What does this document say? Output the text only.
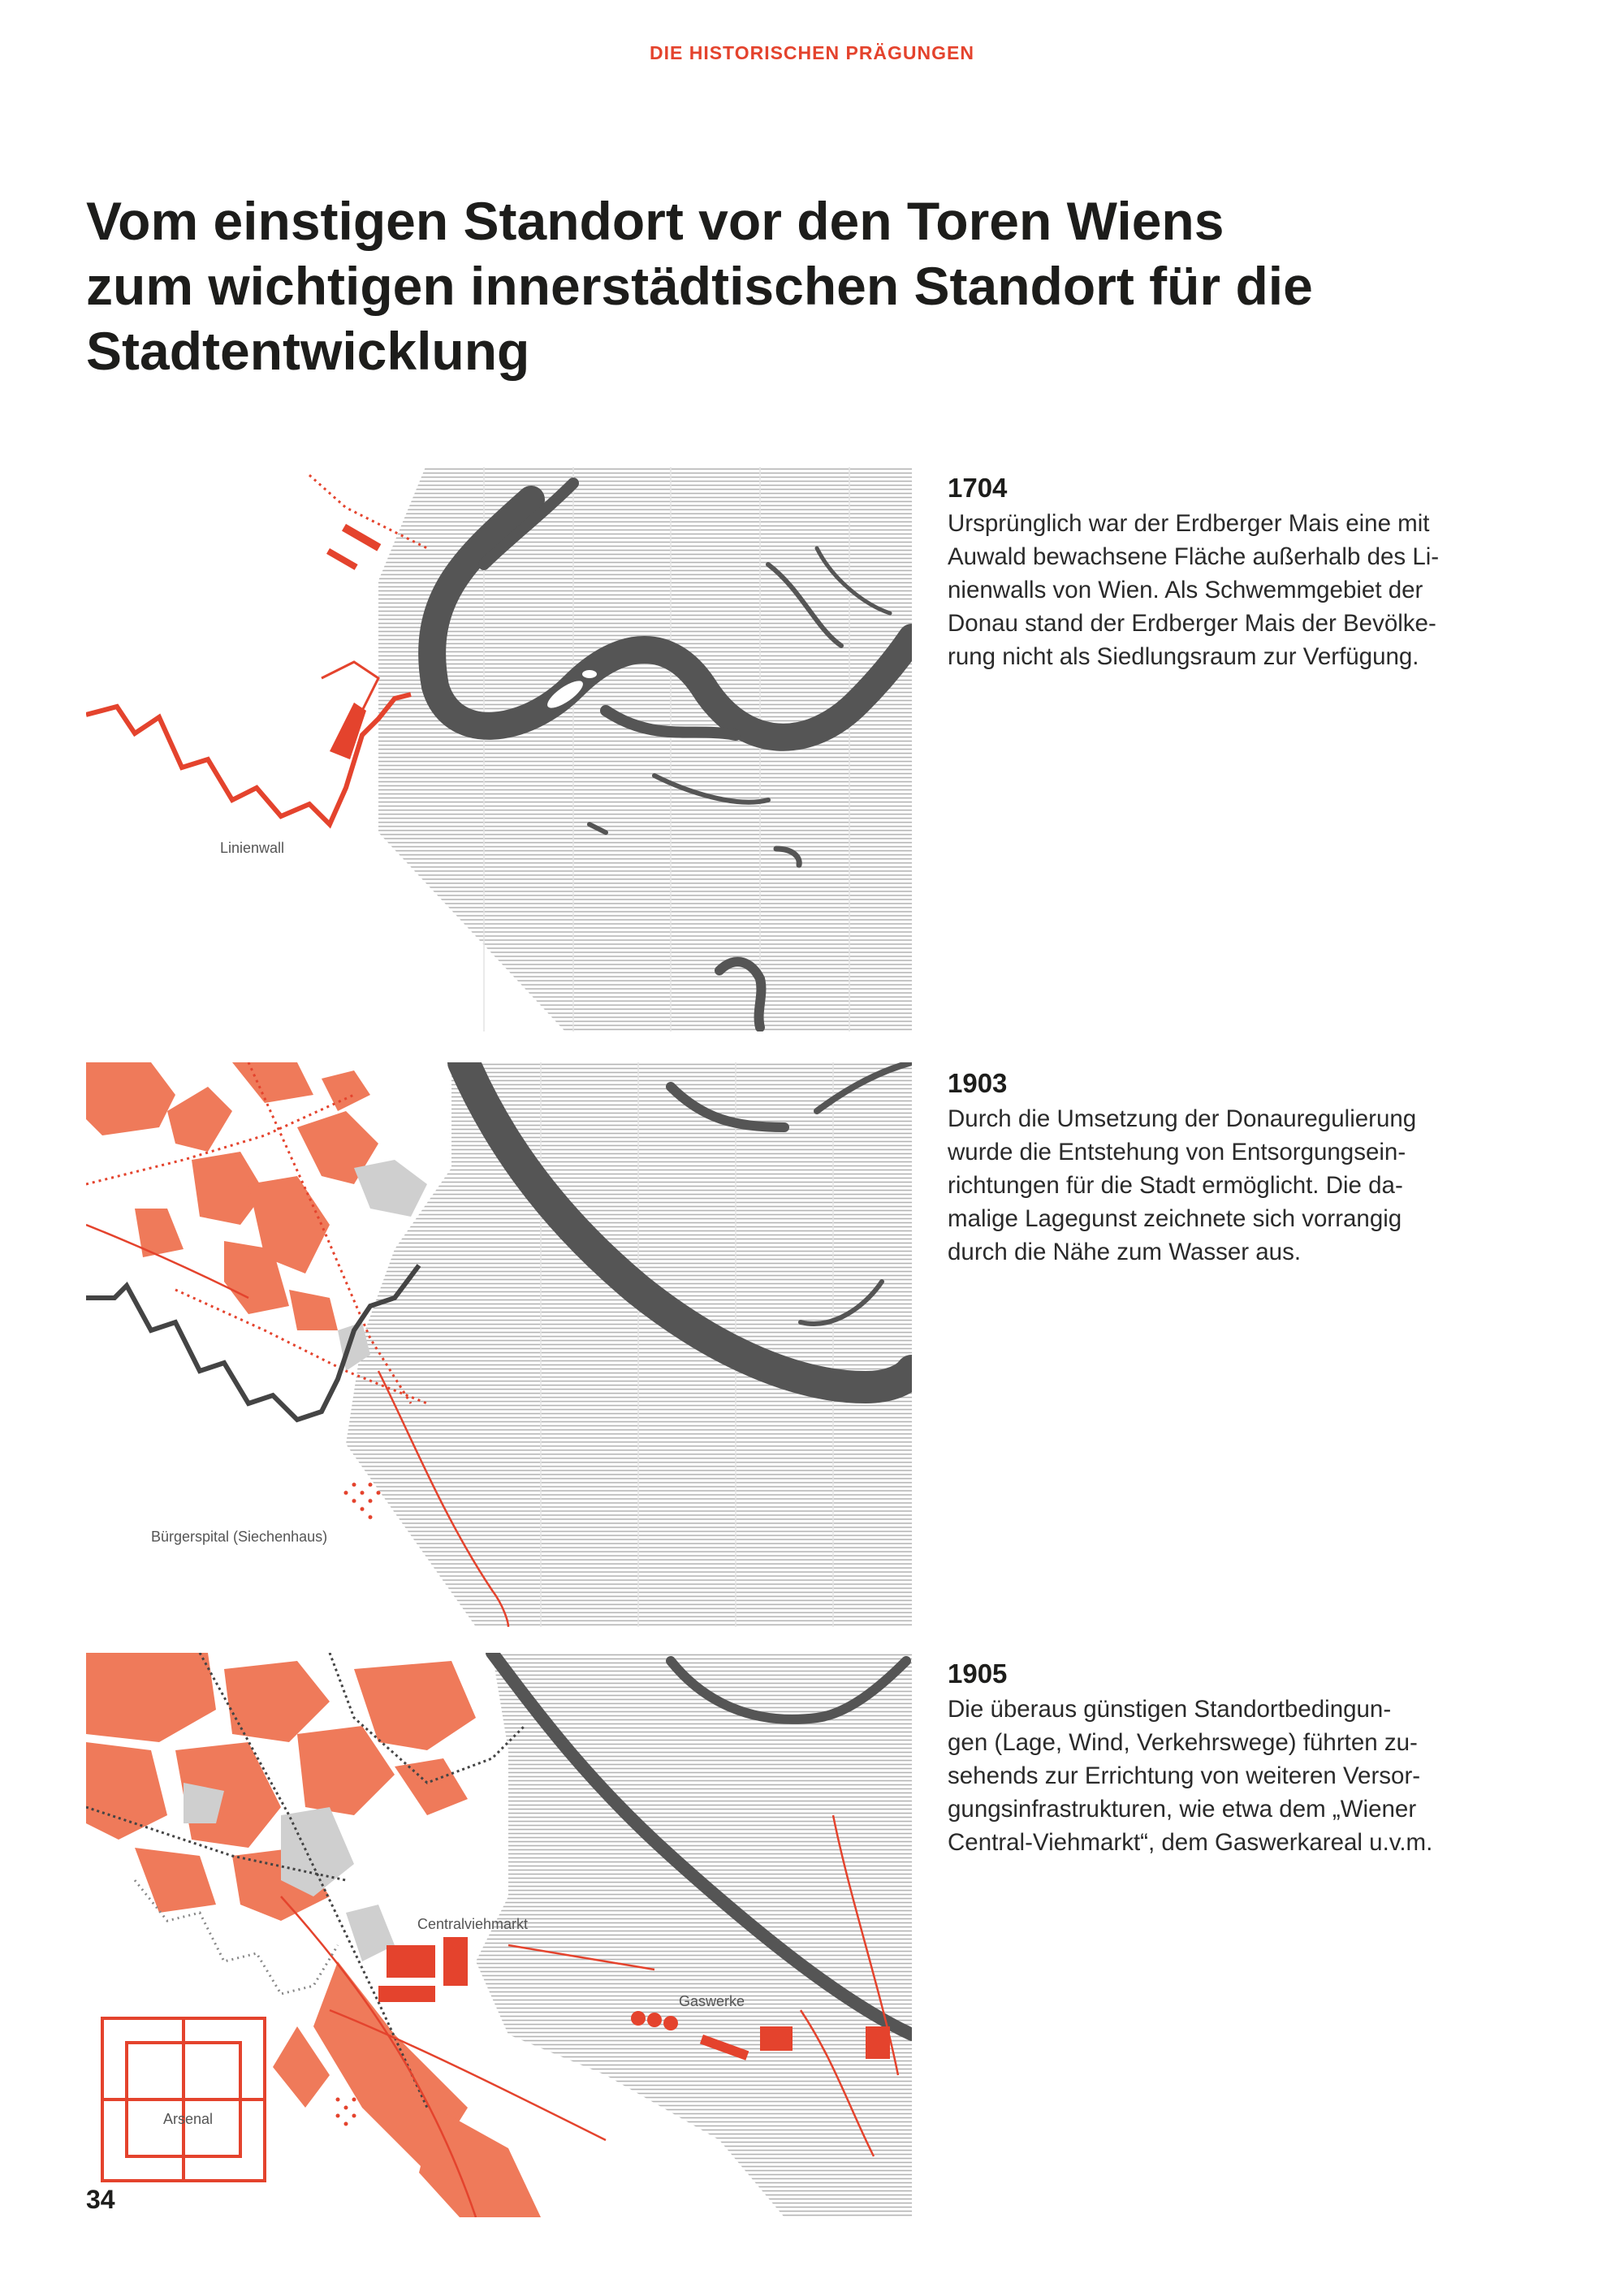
DIE HISTORISCHEN PRÄGUNGEN
Vom einstigen Standort vor den Toren Wiens
zum wichtigen innerstädtischen Standort für die
Stadtentwicklung
Linienwall
1704
Ursprünglich war der Erdberger Mais eine mit
Auwald bewachsene Fläche außerhalb des Li-
nienwalls von Wien. Als Schwemmgebiet der
Donau stand der Erdberger Mais der Bevölke-
rung nicht als Siedlungsraum zur Verfügung.
Bürgerspital (Siechenhaus)
1903
Durch die Umsetzung der Donauregulierung
wurde die Entstehung von Entsorgungsein-
richtungen für die Stadt ermöglicht. Die da-
malige Lagegunst zeichnete sich vorrangig
durch die Nähe zum Wasser aus.
Centralviehmarkt
Gaswerke
Arsenal
1905
Die überaus günstigen Standortbedingun-
gen (Lage, Wind, Verkehrswege) führten zu-
sehends zur Errichtung von weiteren Versor-
gungsinfrastrukturen, wie etwa dem „Wiener
Central-Viehmarkt“, dem Gaswerkareal u.v.m.
34
